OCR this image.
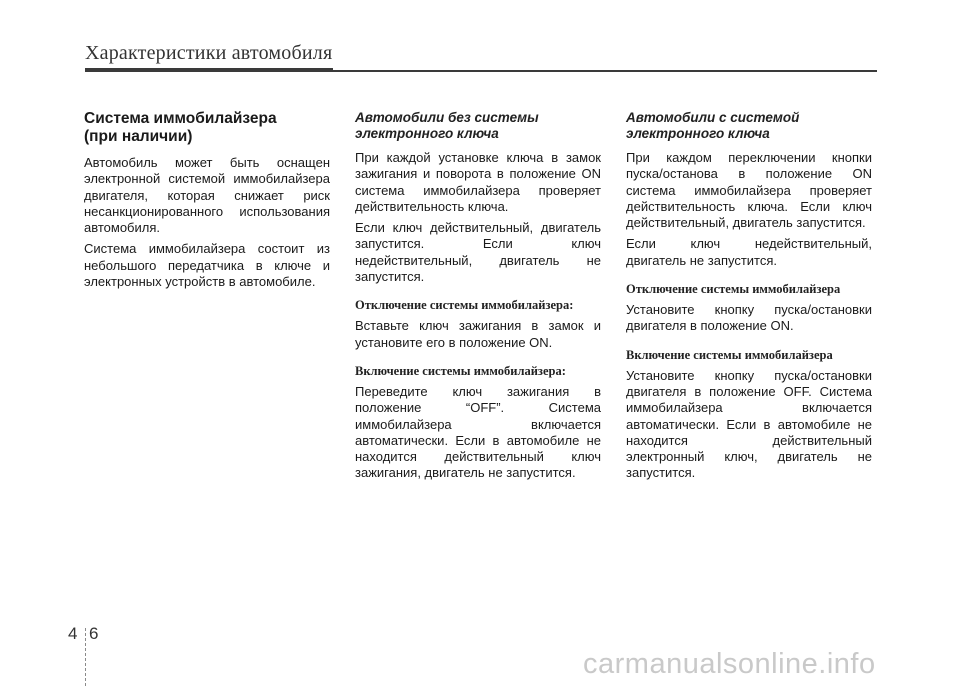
Характеристики автомобиля
Система иммобилайзера
(при наличии)

Автомобиль может быть оснащен электронной системой иммобилайзера двигателя, которая снижает риск несанкционированного использования автомобиля.

Система иммобилайзера состоит из небольшого передатчика в ключе и электронных устройств в автомобиле.

Автомобили без системы
электронного ключа

При каждой установке ключа в замок зажигания и поворота в положение ON система иммобилайзера проверяет действительность ключа.

Если ключ действительный, двигатель запустится. Если ключ недействительный, двигатель не запустится.

Отключение системы иммобилайзера:

Вставьте ключ зажигания в замок и установите его в положение ON.

Включение системы иммобилайзера:

Переведите ключ зажигания в положение “OFF”. Система иммобилайзера включается автоматически. Если в автомобиле не находится действительный ключ зажигания, двигатель не запустится.

Автомобили с системой
электронного ключа

При каждом переключении кнопки пуска/останова в положение ON система иммобилайзера проверяет действительность ключа. Если ключ действительный, двигатель запустится.

Если ключ недействительный, двигатель не запустится.

Отключение системы иммобилайзера

Установите кнопку пуска/остановки двигателя в положение ON.

Включение системы иммобилайзера

Установите кнопку пуска/остановки двигателя в положение OFF. Система иммобилайзера включается автоматически. Если в автомобиле не находится действительный электронный ключ, двигатель не запустится.

4 6
carmanualsonline.info
